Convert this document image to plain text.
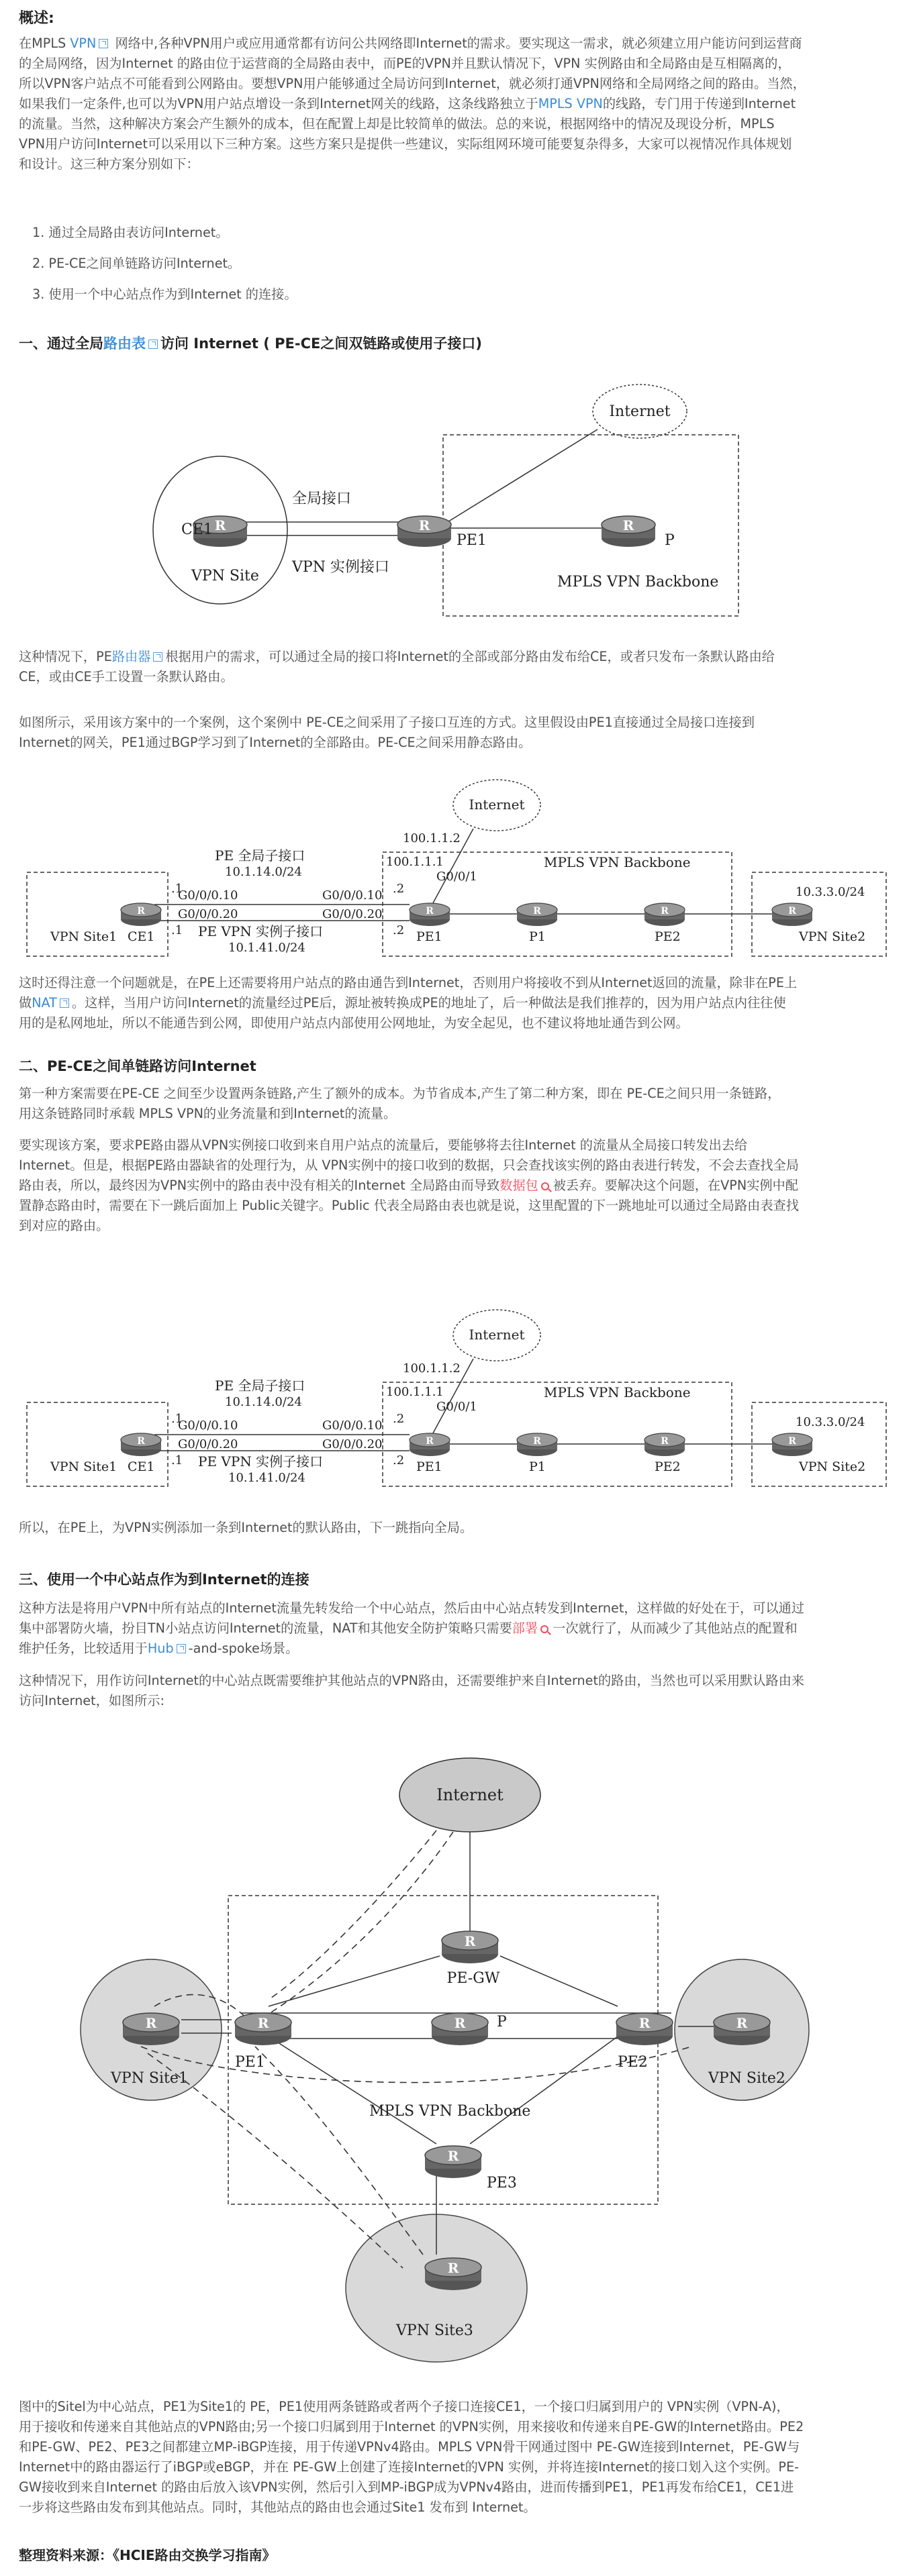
概述:
在MPLS VPN 网络中,各种VPN用户或应用通常都有访问公共网络即Internet的需求。要实现这一需求，就必须建立用户能访问到运营商
的全局网络，因为Internet 的路由位于运营商的全局路由表中，而PE的VPN并且默认情况下，VPN 实例路由和全局路由是互相隔离的，
所以VPN客户站点不可能看到公网路由。要想VPN用户能够通过全局访问到Internet，就必须打通VPN网络和全局网络之间的路由。当然，
如果我们一定条件,也可以为VPN用户站点增设一条到Internet网关的线路，这条线路独立于MPLS VPN的线路，专门用于传递到Internet
的流量。当然，这种解决方案会产生额外的成本，但在配置上却是比较简单的做法。总的来说，根据网络中的情况及现设分析，MPLS
VPN用户访问Internet可以采用以下三种方案。这些方案只是提供一些建议，实际组网环境可能要复杂得多，大家可以视情况作具体规划
和设计。这三种方案分别如下：
1. 通过全局路由表访问Internet。
2. PE-CE之间单链路访问Internet。
3. 使用一个中心站点作为到Internet 的连接。
一、通过全局路由表 访问 Internet ( PE-CE之间双链路或使用子接口)
R
Internet
CE1
全局接口
VPN 实例接口
PE1	P
VPN Site	MPLS VPN Backbone
这种情况下，PE路由器 根据用户的需求，可以通过全局的接口将Internet的全部或部分路由发布给CE，或者只发布一条默认路由给
CE，或由CE手工设置一条默认路由。
如图所示，采用该方案中的一个案例，这个案例中 PE-CE之间采用了子接口互连的方式。这里假设由PE1直接通过全局接口连接到
Internet的网关，PE1通过BGP学习到了Internet的全部路由。PE-CE之间采用静态路由。
R
Internet
100.1.1.2
100.1.1.1
G0/0/1
MPLS VPN Backbone
PE 全局子接口
10.1.14.0/24
.1
.1
G0/0/0.10
G0/0/0.20
G0/0/0.10
G0/0/0.20
.2
.2
PE VPN 实例子接口
10.1.41.0/24
VPN Site1 CE1	PE1	P1	PE2
10.3.3.0/24
VPN Site2
这时还得注意一个问题就是，在PE上还需要将用户站点的路由通告到Internet，否则用户将接收不到从Internet返回的流量，除非在PE上
做NAT 。这样，当用户访问Internet的流量经过PE后，源址被转换成PE的地址了，后一种做法是我们推荐的，因为用户站点内往往使
用的是私网地址，所以不能通告到公网，即使用户站点内部使用公网地址，为安全起见，也不建议将地址通告到公网。
二、PE-CE之间单链路访问Internet
第一种方案需要在PE-CE 之间至少设置两条链路,产生了额外的成本。为节省成本,产生了第二种方案，即在 PE-CE之间只用一条链路，
用这条链路同时承载 MPLS VPN的业务流量和到Internet的流量。
要实现该方案，要求PE路由器从VPN实例接口收到来自用户站点的流量后，要能够将去往Internet 的流量从全局接口转发出去给
Internet。但是，根据PE路由器缺省的处理行为，从 VPN实例中的接口收到的数据，只会查找该实例的路由表进行转发，不会去查找全局
路由表，所以，最终因为VPN实例中的路由表中没有相关的Internet 全局路由而导致数据包 被丢弃。要解决这个问题，在VPN实例中配
置静态路由时，需要在下一跳后面加上 Public关键字。Public 代表全局路由表也就是说，这里配置的下一跳地址可以通过全局路由表查找
到对应的路由。
Internet
100.1.1.2
100.1.1.1
G0/0/1
MPLS VPN Backbone
PE 全局子接口
10.1.14.0/24
.1
.1
G0/0/0.10
G0/0/0.20
G0/0/0.10
G0/0/0.20
.2
.2
PE VPN 实例子接口
10.1.41.0/24
VPN Site1 CE1	PE1	P1	PE2
10.3.3.0/24
VPN Site2
所以，在PE上，为VPN实例添加一条到Internet的默认路由，下一跳指向全局。
三、使用一个中心站点作为到Internet的连接
这种方法是将用户VPN中所有站点的Internet流量先转发给一个中心站点，然后由中心站点转发到Internet，这样做的好处在于，可以通过
集中部署防火墙，扮目TN小站点访问Internet的流量，NAT和其他安全防护策略只需要部署 一次就行了，从而减少了其他站点的配置和
维护任务，比较适用于Hub -and-spoke场景。
这种情况下，用作访问Internet的中心站点既需要维护其他站点的VPN路由，还需要维护来自Internet的路由，当然也可以采用默认路由来
访问Internet，如图所示:
R
Internet
PE-GW
PE1
P
PE2
PE3
MPLS VPN Backbone
VPN Site1	VPN Site2
VPN Site3
图中的Sitel为中心站点，PE1为Site1的 PE，PE1使用两条链路或者两个子接口连接CE1，一个接口归属到用户的 VPN实例（VPN-A)，
用于接收和传递来自其他站点的VPN路由;另一个接口归属到用于Internet 的VPN实例，用来接收和传递来自PE-GW的Internet路由。PE2
和PE-GW、PE2、PE3之间都建立MP-iBGP连接，用于传递VPNv4路由。MPLS VPN骨干网通过图中 PE-GW连接到Internet，PE-GW与
Internet中的路由器运行了iBGP或eBGP，并在 PE-GW上创建了连接Internet的VPN 实例，并将连接Internet的接口划入这个实例。PE-
GW接收到来自Internet 的路由后放入该VPN实例，然后引入到MP-iBGP成为VPNv4路由，进而传播到PE1，PE1再发布给CE1，CE1进
一步将这些路由发布到其他站点。同时，其他站点的路由也会通过Site1 发布到 Internet。
整理资料来源：《HCIE路由交换学习指南》
